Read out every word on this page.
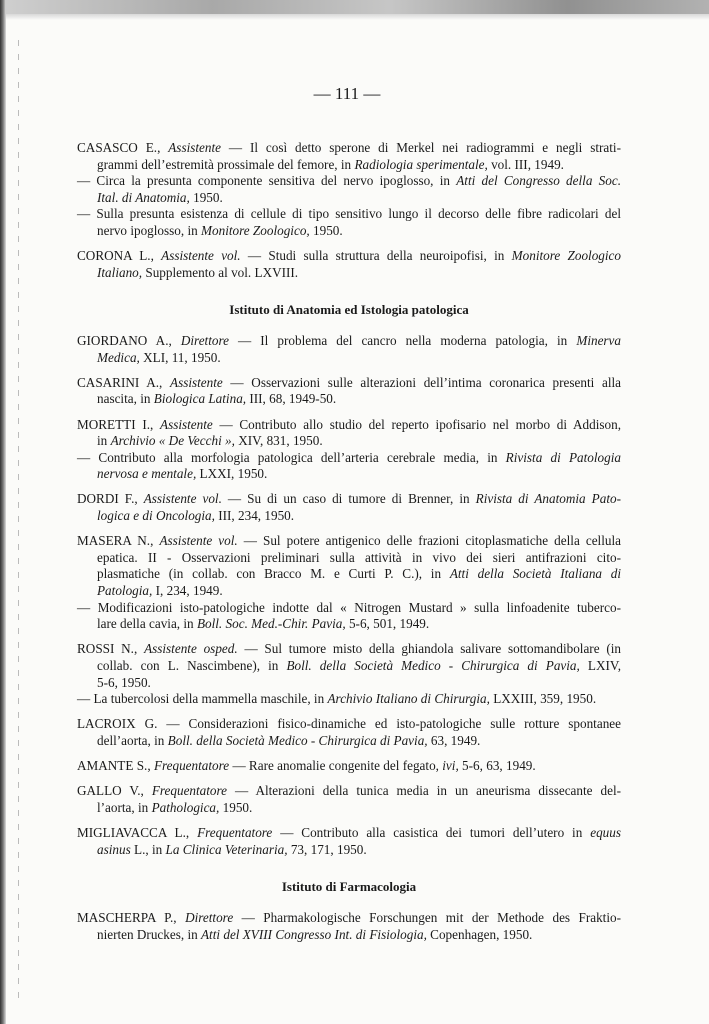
— 111 —
CASASCO E., Assistente — Il così detto sperone di Merkel nei radiogrammi e negli strati-
grammi dell’estremità prossimale del femore, in Radiologia sperimentale, vol. III, 1949.
— Circa la presunta componente sensitiva del nervo ipoglosso, in Atti del Congresso della Soc.
Ital. di Anatomia, 1950.
— Sulla presunta esistenza di cellule di tipo sensitivo lungo il decorso delle fibre radicolari del
nervo ipoglosso, in Monitore Zoologico, 1950.
CORONA L., Assistente vol. — Studi sulla struttura della neuroipofisi, in Monitore Zoologico
Italiano, Supplemento al vol. LXVIII.
Istituto di Anatomia ed Istologia patologica
GIORDANO A., Direttore — Il problema del cancro nella moderna patologia, in Minerva
Medica, XLI, 11, 1950.
CASARINI A., Assistente — Osservazioni sulle alterazioni dell’intima coronarica presenti alla
nascita, in Biologica Latina, III, 68, 1949-50.
MORETTI I., Assistente — Contributo allo studio del reperto ipofisario nel morbo di Addison,
in Archivio « De Vecchi », XIV, 831, 1950.
— Contributo alla morfologia patologica dell’arteria cerebrale media, in Rivista di Patologia
nervosa e mentale, LXXI, 1950.
DORDI F., Assistente vol. — Su di un caso di tumore di Brenner, in Rivista di Anatomia Pato-
logica e di Oncologia, III, 234, 1950.
MASERA N., Assistente vol. — Sul potere antigenico delle frazioni citoplasmatiche della cellula
epatica. II - Osservazioni preliminari sulla attività in vivo dei sieri antifrazioni cito-
plasmatiche (in collab. con Bracco M. e Curti P. C.), in Atti della Società Italiana di
Patologia, I, 234, 1949.
— Modificazioni isto-patologiche indotte dal « Nitrogen Mustard » sulla linfoadenite tuberco-
lare della cavia, in Boll. Soc. Med.-Chir. Pavia, 5-6, 501, 1949.
ROSSI N., Assistente osped. — Sul tumore misto della ghiandola salivare sottomandibolare (in
collab. con L. Nascimbene), in Boll. della Società Medico - Chirurgica di Pavia, LXIV,
5-6, 1950.
— La tubercolosi della mammella maschile, in Archivio Italiano di Chirurgia, LXXIII, 359, 1950.
LACROIX G. — Considerazioni fisico-dinamiche ed isto-patologiche sulle rotture spontanee
dell’aorta, in Boll. della Società Medico - Chirurgica di Pavia, 63, 1949.
AMANTE S., Frequentatore — Rare anomalie congenite del fegato, ivi, 5-6, 63, 1949.
GALLO V., Frequentatore — Alterazioni della tunica media in un aneurisma dissecante del-
l’aorta, in Pathologica, 1950.
MIGLIAVACCA L., Frequentatore — Contributo alla casistica dei tumori dell’utero in equus
asinus L., in La Clinica Veterinaria, 73, 171, 1950.
Istituto di Farmacologia
MASCHERPA P., Direttore — Pharmakologische Forschungen mit der Methode des Fraktio-
nierten Druckes, in Atti del XVIII Congresso Int. di Fisiologia, Copenhagen, 1950.
